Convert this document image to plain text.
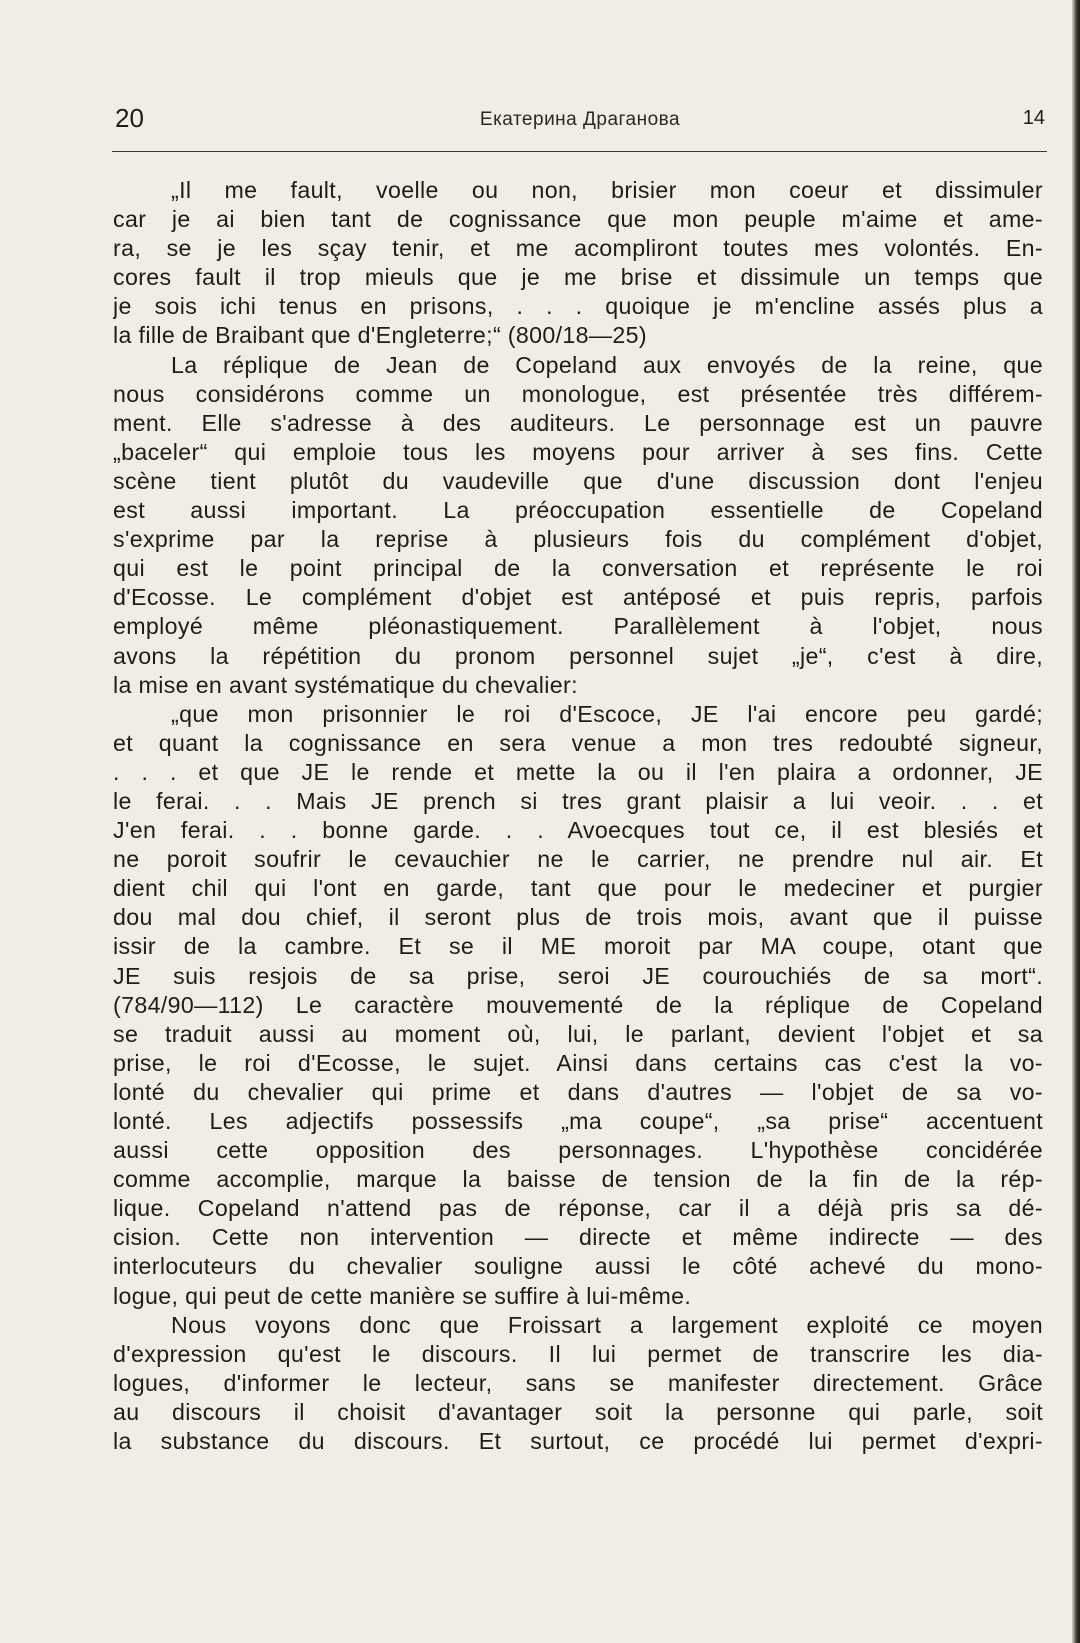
20	Екатерина Драганова	14
„Il me fault, voelle ou non, brisier mon coeur et dissimuler
car je ai bien tant de cognissance que mon peuple m'aime et ame-
ra, se je les sçay tenir, et me acompliront toutes mes volontés. En-
cores fault il trop mieuls que je me brise et dissimule un temps que
je sois ichi tenus en prisons, . . . quoique je m'encline assés plus a
la fille de Braibant que d'Engleterre;“ (800/18—25)
La réplique de Jean de Copeland aux envoyés de la reine, que
nous considérons comme un monologue, est présentée très différem-
ment. Elle s'adresse à des auditeurs. Le personnage est un pauvre
„baceler“ qui emploie tous les moyens pour arriver à ses fins. Cette
scène tient plutôt du vaudeville que d'une discussion dont l'enjeu
est aussi important. La préoccupation essentielle de Copeland
s'exprime par la reprise à plusieurs fois du complément d'objet,
qui est le point principal de la conversation et représente le roi
d'Ecosse. Le complément d'objet est antéposé et puis repris, parfois
employé même pléonastiquement. Parallèlement à l'objet, nous
avons la répétition du pronom personnel sujet „je“, c'est à dire,
la mise en avant systématique du chevalier:
„que mon prisonnier le roi d'Escoce, JE l'ai encore peu gardé;
et quant la cognissance en sera venue a mon tres redoubté signeur,
. . . et que JE le rende et mette la ou il l'en plaira a ordonner, JE
le ferai. . . Mais JE prench si tres grant plaisir a lui veoir. . . et
J'en ferai. . . bonne garde. . . Avoecques tout ce, il est blesiés et
ne poroit soufrir le cevauchier ne le carrier, ne prendre nul air. Et
dient chil qui l'ont en garde, tant que pour le medeciner et purgier
dou mal dou chief, il seront plus de trois mois, avant que il puisse
issir de la cambre. Et se il ME moroit par MA coupe, otant que
JE suis resjois de sa prise, seroi JE courouchiés de sa mort“.
(784/90—112) Le caractère mouvementé de la réplique de Copeland
se traduit aussi au moment où, lui, le parlant, devient l'objet et sa
prise, le roi d'Ecosse, le sujet. Ainsi dans certains cas c'est la vo-
lonté du chevalier qui prime et dans d'autres — l'objet de sa vo-
lonté. Les adjectifs possessifs „ma coupe“, „sa prise“ accentuent
aussi cette opposition des personnages. L'hypothèse concidérée
comme accomplie, marque la baisse de tension de la fin de la rép-
lique. Copeland n'attend pas de réponse, car il a déjà pris sa dé-
cision. Cette non intervention — directe et même indirecte — des
interlocuteurs du chevalier souligne aussi le côté achevé du mono-
logue, qui peut de cette manière se suffire à lui-même.
Nous voyons donc que Froissart a largement exploité ce moyen
d'expression qu'est le discours. Il lui permet de transcrire les dia-
logues, d'informer le lecteur, sans se manifester directement. Grâce
au discours il choisit d'avantager soit la personne qui parle, soit
la substance du discours. Et surtout, ce procédé lui permet d'expri-
